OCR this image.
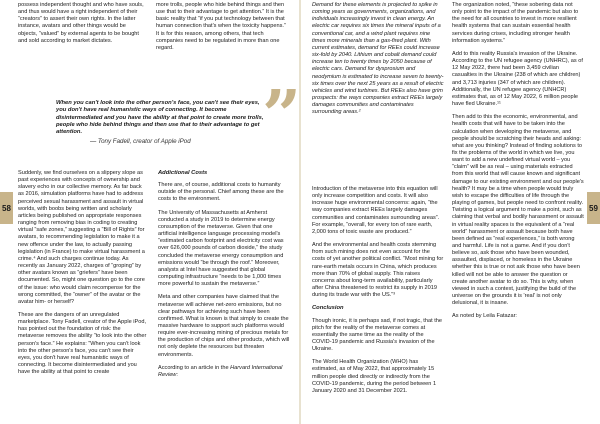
58	59

possess independent thought and who have souls, and thus would have a right independent of their “creators” to assert their own rights. In the latter instance, avatars and other things would be objects, “valued” by external agents to be bought and sold according to market dictates.

more trolls, people who hide behind things and then use that to their advantage to get attention.” It is the basic reality that “if you put technology between that human connection that's when the toxicity happens.” It is for this reason, among others, that tech companies need to be regulated in more than one regard.

When you can't look into the other person's face, you can't see their eyes, you don't have real humanistic ways of connecting. It become disintermediated and you have the ability at that point to create more trolls, people who hide behind things and then use that to their advantage to get attention.
— Tony Fadell, creator of Apple iPod ”

Suddenly, we find ourselves on a slippery slope as past experiences with concepts of ownership and slavery echo in our collective memory. As far back as 2016, simulation platforms have had to address perceived sexual harassment and assault in virtual worlds, with boobs being written and scholarly articles being published on appropriate responses ranging from removing bias in coding to creating virtual “safe zones,” suggesting a “Bill of Rights” for avatars, to recommending legislation to make it a new offence under the law, to actually passing legislation (in France) to make virtual harassment a crime.⁴ And such charges continue today. As recently as January 2022, charges of “groping” by other avatars known as “griefers” have been documented. So, might one question go to the core of the issue: who would claim recompense for the wrong committed, the “owner” of the avatar or the avatar him- or herself?

These are the dangers of an unregulated marketplace. Tony Fadell, creator of the Apple iPod, has pointed out the foundation of risk: the metaverse removes the ability “to look into the other person's face.” He explains: “When you can't look into the other person's face, you can't see their eyes, you don't have real humanistic ways of connecting. It become disintermediated and you have the ability at that point to create

Addictional Costs

There are, of course, additional costs to humanity outside of the personal. Chief among these are the costs to the environment.

The University of Massachusetts at Amherst conducted a study in 2019 to determine energy consumption of the metaverse. Given that one artificial intelligence language processing model's “estimated carbon footprint and electricity cost was over 626,000 pounds of carbon dioxide,” the study concluded the metaverse energy consumption and emissions would “be through the roof.” Moreover, analysts at Intel have suggested that global computing infrastructure “needs to be 1,000 times more powerful to sustain the metaverse.”

Meta and other companies have claimed that the metaverse will achieve net-zero emissions, but no clear pathways for achieving such have been confirmed. What is known is that simply to create the massive hardware to support such platforms would require ever-increasing mining of precious metals for the production of chips and other products, which will not only deplete the resources but threaten environments.

According to an article in the Harvard International Review:

Demand for these elements is projected to spike in coming years as governments, organizations, and individuals increasingly invest in clean energy. An electric car requires six times the mineral inputs of a conventional car, and a wind plant requires nine times more minerals than a gas-fired plant. With current estimates, demand for REEs could increase six-fold by 2040. Lithium and cobalt demand could increase ten to twenty times by 2050 because of electric cars. Demand for dysprosium and neodymium is estimated to increase seven to twenty-six times over the next 25 years as a result of electric vehicles and wind turbines. But REEs also have grim prospects: the ways companies extract REEs largely damages communities and contaminates surrounding areas.²

Introduction of the metaverse into this equation will only increase competition and costs. It will also increase huge environmental concerns: again, “the way companies extract REEs largely damages communities and contaminates surrounding areas”. For example, “overall, for every ton of rare earth, 2,000 tons of toxic waste are produced.”

And the environmental and health costs stemming from such mining does not even account for the costs of yet another political conflict. “Most mining for rare-earth metals occurs in China, which produces more than 70% of global supply. This raises concerns about long-term availability, particularly after China threatened to restrict its supply in 2019 during its trade war with the US.”³

Conclusion

Though ironic, it is perhaps sad, if not tragic, that the pitch for the reality of the metaverse comes at essentially the same time as the reality of the COVID-19 pandemic and Russia's invasion of the Ukraine.

The World Health Organization (WHO) has estimated, as of May 2022, that approximately 15 million people died directly or indirectly from the COVID-19 pandemic, during the period between 1 January 2020 and 31 December 2021.

The organization noted, “these sobering data not only point to the impact of the pandemic but also to the need for all countries to invest in more resilient health systems that can sustain essential health services during crises, including stronger health information systems.”

Add to this reality Russia's invasion of the Ukraine. According to the UN refugee agency (UNHRC), as of 12 May 2022, there had been 3,459 civilian casualties in the Ukraine (238 of which are children) and 3,713 injuries (347 of which are children). Additionally, the UN refugee agency (UNHCR) estimates that, as of 12 May 2022, 6 million people have fled Ukraine.¹¹

Then add to this the economic, environmental, and health costs that will have to be taken into the calculation when developing the metaverse, and people should be scratching their heads and asking: what are you thinking? Instead of finding solutions to fix the problems of the world in which we live, you want to add a new undefined virtual world – you “claim” will be as real – using materials extracted from this world that will cause known and significant damage to our existing environment and our people's health? It may be a time when people would truly wish to escape the difficulties of life through the playing of games, but people need to confront reality. Twisting a logical argument to make a point, such as claiming that verbal and bodily harassment or assault in virtual reality spaces is the equivalent of a “real world” harassment or assault because both have been defined as “real experiences,” is both wrong and harmful. Life is not a game. And if you don't believe so, ask those who have been wounded, assaulted, displaced, or homeless in the Ukraine whether this is true or not ask those who have been killed will not be able to answer the question or create another avatar to do so. This is why, when viewed in such a context, justifying the build of the universe on the grounds it is 'real' is not only delusional, it is insane.

As noted by Leila Fatazar:
